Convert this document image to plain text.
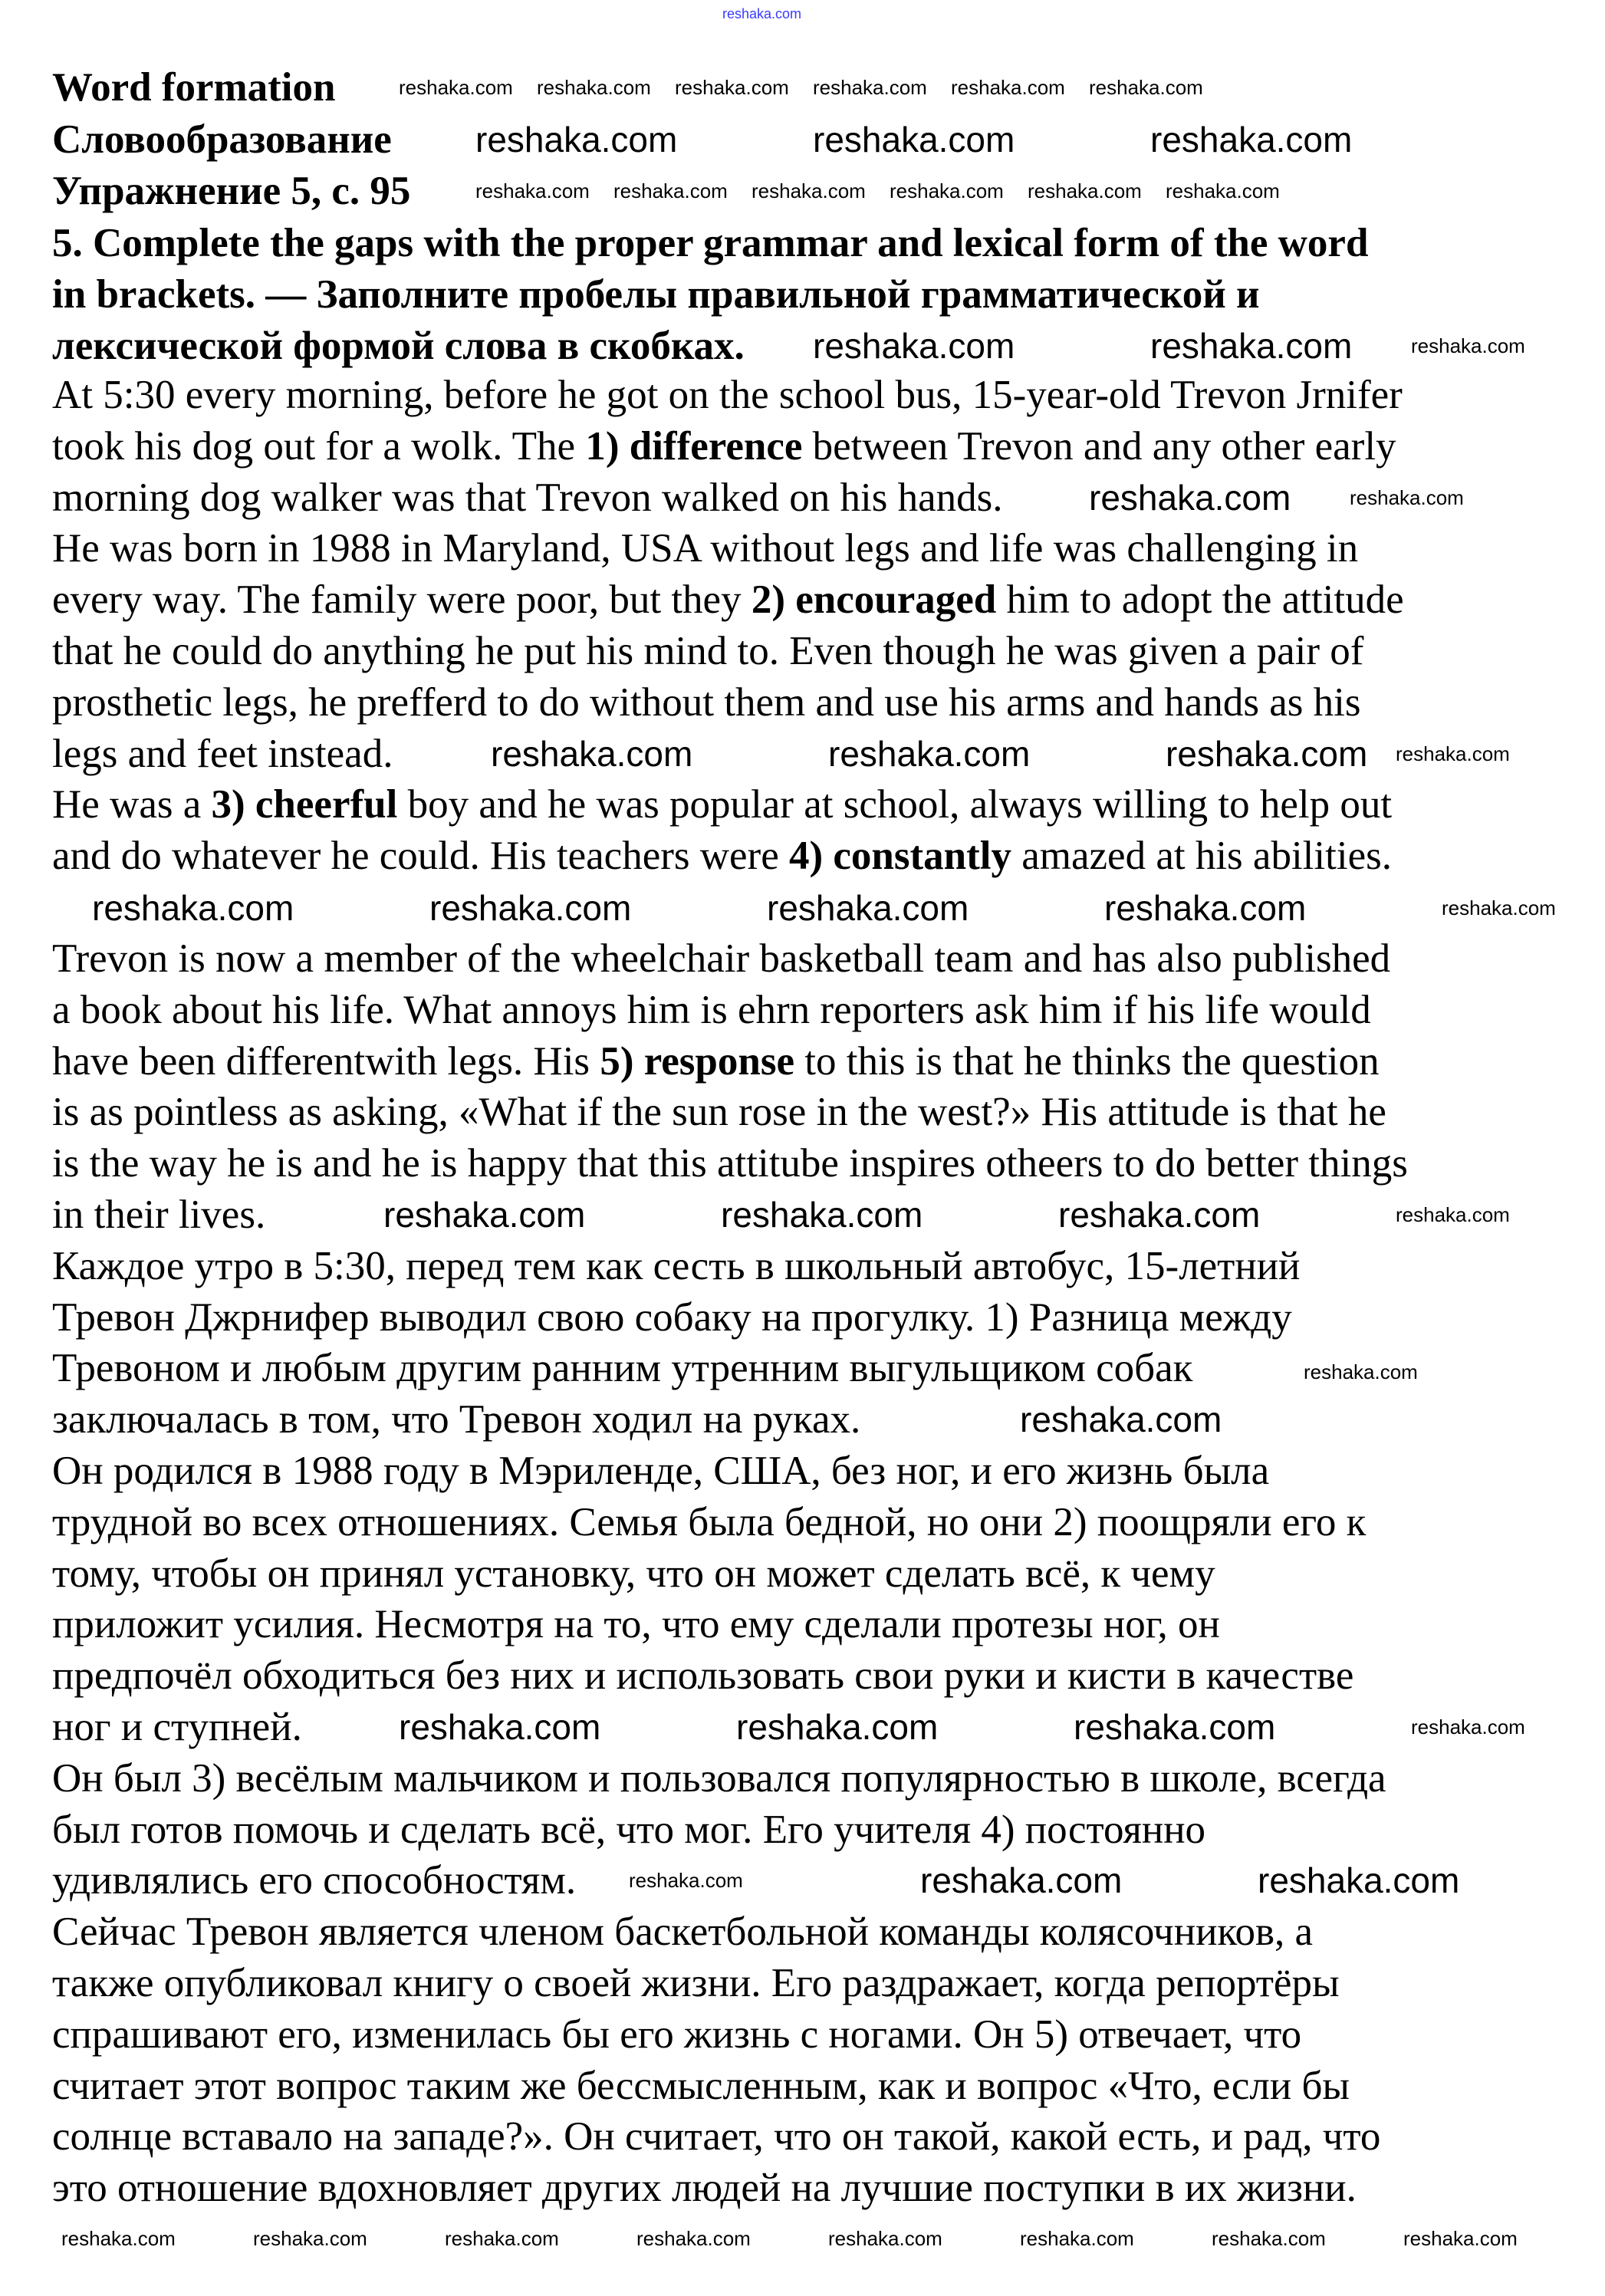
Word formation
Словообразование
Упражнение 5, с. 95
5. Complete the gaps with the proper grammar and lexical form of the word
in brackets. — Заполните пробелы правильной грамматической и
лексической формой слова в скобках.
At 5:30 every morning, before he got on the school bus, 15-year-old Trevon Jrnifer
took his dog out for a wolk. The 1) difference between Trevon and any other early
morning dog walker was that Trevon walked on his hands.
He was born in 1988 in Maryland, USA without legs and life was challenging in
every way. The family were poor, but they 2) encouraged him to adopt the attitude
that he could do anything he put his mind to. Even though he was given a pair of
prosthetic legs, he prefferd to do without them and use his arms and hands as his
legs and feet instead.
He was a 3) cheerful boy and he was popular at school, always willing to help out
and do whatever he could. His teachers were 4) constantly amazed at his abilities.
Trevon is now a member of the wheelchair basketball team and has also published
a book about his life. What annoys him is ehrn reporters ask him if his life would
have been differentwith legs. His 5) response to this is that he thinks the question
is as pointless as asking, «What if the sun rose in the west?» His attitude is that he
is the way he is and he is happy that this attitube inspires otheers to do better things
in their lives.
Каждое утро в 5:30, перед тем как сесть в школьный автобус, 15-летний
Тревон Джрнифер выводил свою собаку на прогулку. 1) Разница между
Тревоном и любым другим ранним утренним выгульщиком собак
заключалась в том, что Тревон ходил на руках.
Он родился в 1988 году в Мэриленде, США, без ног, и его жизнь была
трудной во всех отношениях. Семья была бедной, но они 2) поощряли его к
тому, чтобы он принял установку, что он может сделать всё, к чему
приложит усилия. Несмотря на то, что ему сделали протезы ног, он
предпочёл обходиться без них и использовать свои руки и кисти в качестве
ног и ступней.
Он был 3) весёлым мальчиком и пользовался популярностью в школе, всегда
был готов помочь и сделать всё, что мог. Его учителя 4) постоянно
удивлялись его способностям.
Сейчас Тревон является членом баскетбольной команды колясочников, а
также опубликовал книгу о своей жизни. Его раздражает, когда репортёры
спрашивают его, изменилась бы его жизнь с ногами. Он 5) отвечает, что
считает этот вопрос таким же бессмысленным, как и вопрос «Что, если бы
солнце вставало на западе?». Он считает, что он такой, какой есть, и рад, что
это отношение вдохновляет других людей на лучшие поступки в их жизни.
reshaka.com	reshaka.com	reshaka.com
reshaka.com	reshaka.com
reshaka.com
reshaka.com	reshaka.com	reshaka.com
reshaka.com	reshaka.com	reshaka.com	reshaka.com
reshaka.com	reshaka.com	reshaka.com
reshaka.com
reshaka.com	reshaka.com	reshaka.com
reshaka.com	reshaka.com
reshaka.com reshaka.com reshaka.com reshaka.com reshaka.com reshaka.com
reshaka.com reshaka.com reshaka.com reshaka.com reshaka.com reshaka.com
reshaka.com
reshaka.com
reshaka.com
reshaka.com
reshaka.com	reshaka.com	reshaka.com	reshaka.com	reshaka.com	reshaka.com	reshaka.com	reshaka.com
reshaka.com
reshaka.com
reshaka.com
reshaka.com
reshaka.com
